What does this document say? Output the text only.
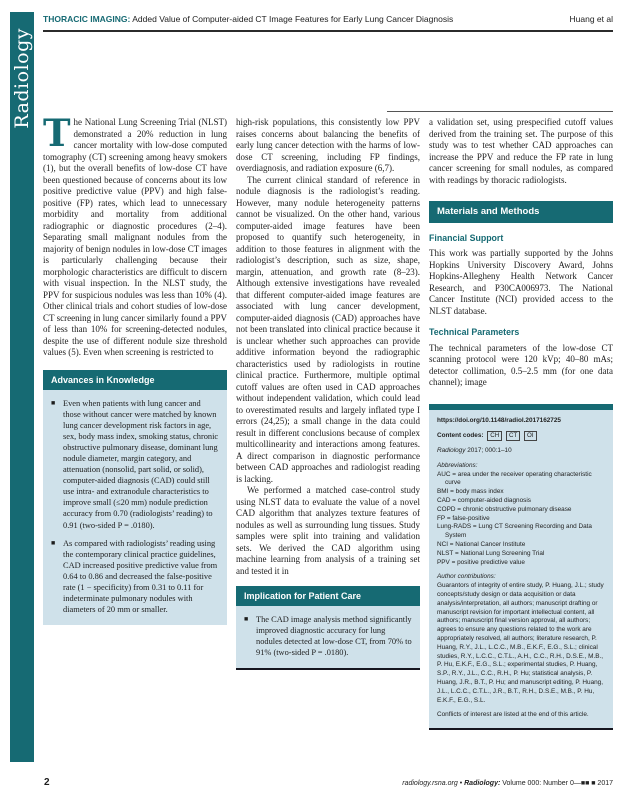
Radiology
THORACIC IMAGING: Added Value of Computer-aided CT Image Features for Early Lung Cancer Diagnosis	Huang et al

The National Lung Screening Trial (NLST) demonstrated a 20% reduction in lung cancer mortality with low-dose computed tomography (CT) screening among heavy smokers (1), but the overall benefits of low-dose CT have been questioned because of concerns about its low positive predictive value (PPV) and high false-positive (FP) rates, which lead to unnecessary morbidity and mortality from additional radiographic or diagnostic procedures (2–4). Separating small malignant nodules from the majority of benign nodules in low-dose CT images is particularly challenging because their morphologic characteristics are difficult to discern with visual inspection. In the NLST study, the PPV for suspicious nodules was less than 10% (4). Other clinical trials and cohort studies of low-dose CT screening in lung cancer similarly found a PPV of less than 10% for screening-detected nodules, despite the use of different nodule size threshold values (5). Even when screening is restricted to

Advances in Knowledge
■ Even when patients with lung cancer and those without cancer were matched by known lung cancer development risk factors in age, sex, body mass index, smoking status, chronic obstructive pulmonary disease, dominant lung nodule diameter, margin category, and attenuation (nonsolid, part solid, or solid), computer-aided diagnosis (CAD) could still use intra- and extranodule characteristics to improve small (≤20 mm) nodule prediction accuracy from 0.70 (radiologists’ reading) to 0.91 (two-sided P = .0180).
■ As compared with radiologists’ reading using the contemporary clinical practice guidelines, CAD increased positive predictive value from 0.64 to 0.86 and decreased the false-positive rate (1 − specificity) from 0.31 to 0.11 for indeterminate pulmonary nodules with diameters of 20 mm or smaller.

high-risk populations, this consistently low PPV raises concerns about balancing the benefits of early lung cancer detection with the harms of low-dose CT screening, including FP findings, overdiagnosis, and radiation exposure (6,7).

The current clinical standard of reference in nodule diagnosis is the radiologist’s reading. However, many nodule heterogeneity patterns cannot be visualized. On the other hand, various computer-aided image features have been proposed to quantify such heterogeneity, in addition to those features in alignment with the radiologist’s description, such as size, shape, margin, attenuation, and growth rate (8–23). Although extensive investigations have revealed that different computer-aided image features are associated with lung cancer development, computer-aided diagnosis (CAD) approaches have not been translated into clinical practice because it is unclear whether such approaches can provide additive information beyond the radiographic characteristics used by radiologists in routine clinical practice. Furthermore, multiple optimal cutoff values are often used in CAD approaches without independent validation, which could lead to overestimated results and largely inflated type I errors (24,25); a small change in the data could result in different conclusions because of complex multicollinearity and interactions among features. A direct comparison in diagnostic performance between CAD approaches and radiologist reading is lacking.

We performed a matched case-control study using NLST data to evaluate the value of a novel CAD algorithm that analyzes texture features of nodules as well as surrounding lung tissues. Study samples were split into training and validation sets. We derived the CAD algorithm using machine learning from analysis of a training set and tested it in

Implication for Patient Care
■ The CAD image analysis method significantly improved diagnostic accuracy for lung nodules detected at low-dose CT, from 70% to 91% (two-sided P = .0180).

a validation set, using prespecified cutoff values derived from the training set. The purpose of this study was to test whether CAD approaches can increase the PPV and reduce the FP rate in lung cancer screening for small nodules, as compared with readings by thoracic radiologists.

Materials and Methods
Financial Support

This work was partially supported by the Johns Hopkins University Discovery Award, Johns Hopkins-Allegheny Health Network Cancer Research, and P30CA006973. The National Cancer Institute (NCI) provided access to the NLST database.

Technical Parameters

The technical parameters of the low-dose CT scanning protocol were 120 kVp; 40–80 mAs; detector collimation, 0.5–2.5 mm (for one data channel); image

https://doi.org/10.1148/radiol.2017162725
Content codes: CH CT OI
Radiology 2017; 000:1–10
Abbreviations:
AUC = area under the receiver operating characteristic curve
BMI = body mass index
CAD = computer-aided diagnosis
COPD = chronic obstructive pulmonary disease
FP = false-positive
Lung-RADS = Lung CT Screening Recording and Data System
NCI = National Cancer Institute
NLST = National Lung Screening Trial
PPV = positive predictive value
Author contributions:
Guarantors of integrity of entire study, P. Huang, J.L.; study concepts/study design or data acquisition or data analysis/interpretation, all authors; manuscript drafting or manuscript revision for important intellectual content, all authors; manuscript final version approval, all authors; agrees to ensure any questions related to the work are appropriately resolved, all authors; literature research, P. Huang, R.Y., J.L., L.C.C., M.B., E.K.F., E.G., S.L.; clinical studies, R.Y., L.C.C., C.T.L., A.H., C.C., R.H., D.S.E., M.B., P. Hu, E.K.F., E.G., S.L.; experimental studies, P. Huang, S.P., R.Y., J.L., C.C., R.H., P. Hu; statistical analysis, P. Huang, J.R., B.T., P. Hu; and manuscript editing, P. Huang, J.L., L.C.C., C.T.L., J.R., B.T., R.H., D.S.E., M.B., P. Hu, E.K.F., E.G., S.L.
Conflicts of interest are listed at the end of this article.
2	radiology.rsna.org • Radiology: Volume 000: Number 0—■■ ■ 2017
